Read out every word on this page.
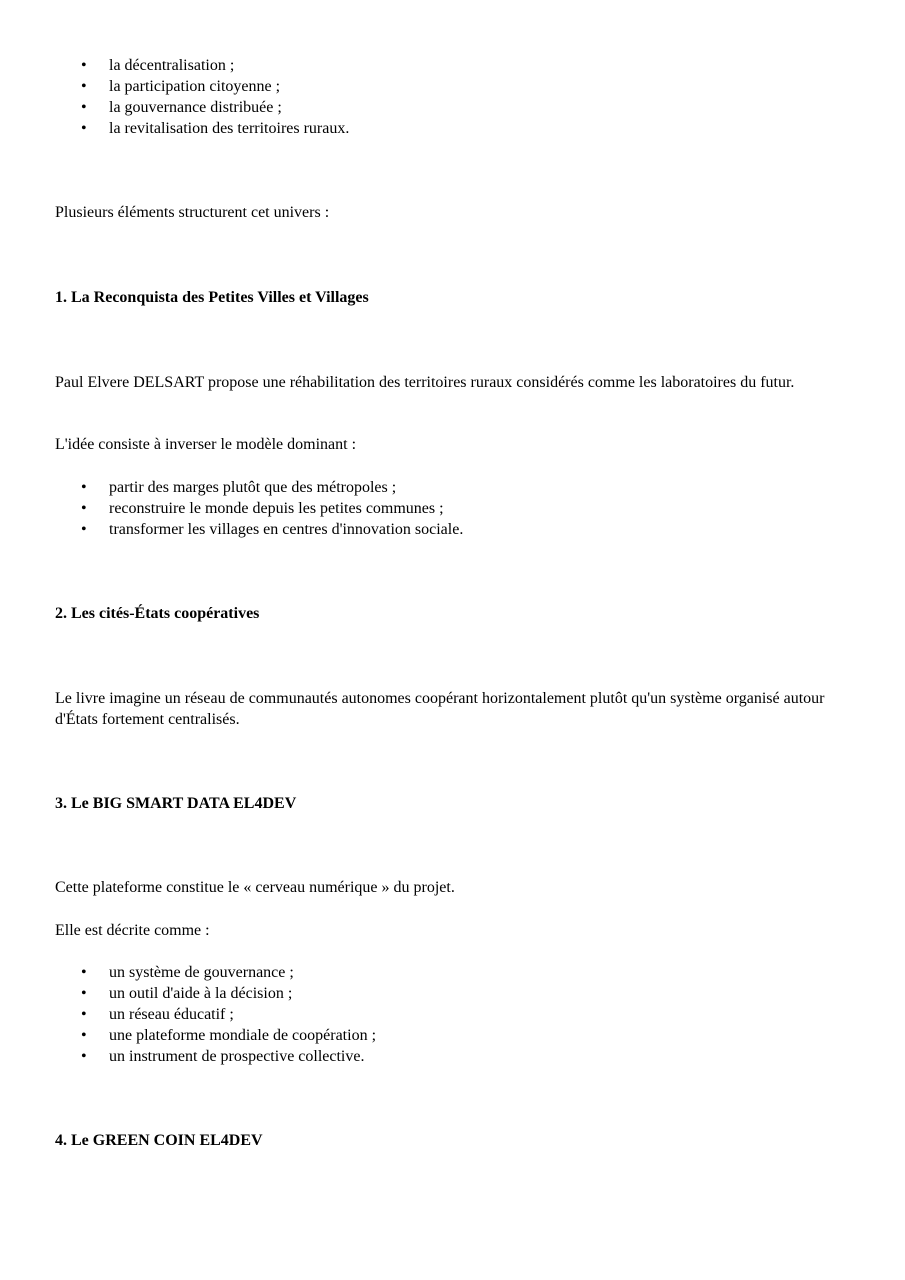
• la décentralisation ;
• la participation citoyenne ;
• la gouvernance distribuée ;
• la revitalisation des territoires ruraux.

Plusieurs éléments structurent cet univers :

1. La Reconquista des Petites Villes et Villages

Paul Elvere DELSART propose une réhabilitation des territoires ruraux considérés comme les laboratoires du futur.

L'idée consiste à inverser le modèle dominant :

• partir des marges plutôt que des métropoles ;
• reconstruire le monde depuis les petites communes ;
• transformer les villages en centres d'innovation sociale.
2. Les cités-États coopératives

Le livre imagine un réseau de communautés autonomes coopérant horizontalement plutôt qu'un système organisé autour d'États fortement centralisés.

3. Le BIG SMART DATA EL4DEV

Cette plateforme constitue le « cerveau numérique » du projet.

Elle est décrite comme :

• un système de gouvernance ;
• un outil d'aide à la décision ;
• un réseau éducatif ;
• une plateforme mondiale de coopération ;
• un instrument de prospective collective.
4. Le GREEN COIN EL4DEV
